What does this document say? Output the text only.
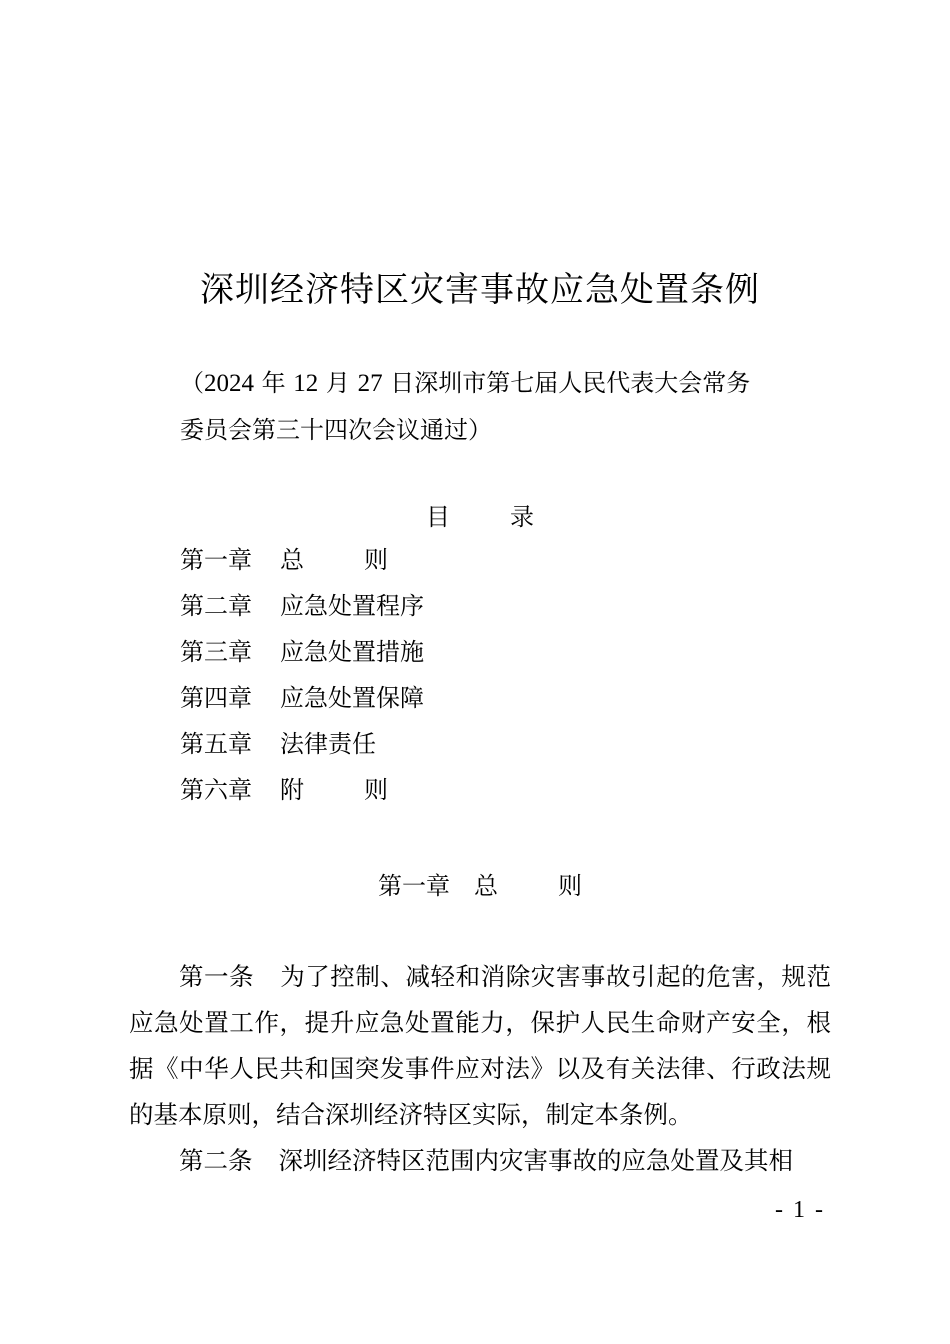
深圳经济特区灾害事故应急处置条例
（2024 年 12 月 27 日深圳市第七届人民代表大会常务
委员会第三十四次会议通过）
目	录
第一章 总	则
第二章 应急处置程序
第三章 应急处置措施
第四章 应急处置保障
第五章 法律责任
第六章 附	则
第一章 总	则

第一条 为了控制、减轻和消除灾害事故引起的危害，规范应急处置工作，提升应急处置能力，保护人民生命财产安全，根据《中华人民共和国突发事件应对法》以及有关法律、行政法规的基本原则，结合深圳经济特区实际，制定本条例。

第二条 深圳经济特区范围内灾害事故的应急处置及其相

- 1 -
